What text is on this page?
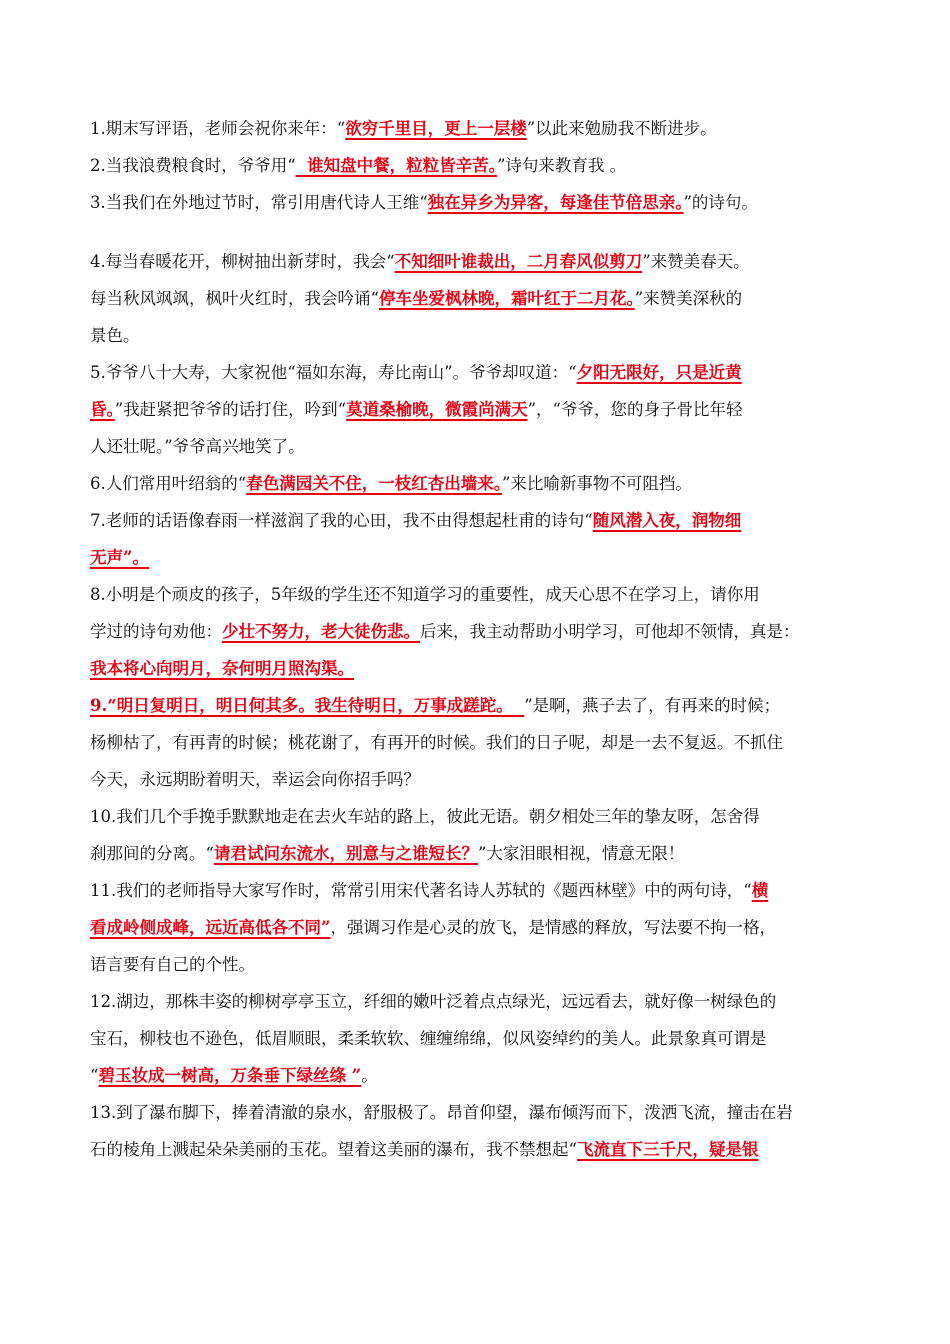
1.期末写评语，老师会祝你来年：“欲穷千里目，更上一层楼”以此来勉励我不断进步。
2.当我浪费粮食时，爷爷用“  谁知盘中餐，粒粒皆辛苦。”诗句来教育我 。
3.当我们在外地过节时，常引用唐代诗人王维“独在异乡为异客，每逢佳节倍思亲。”的诗句。
4.每当春暖花开，柳树抽出新芽时，我会“不知细叶谁裁出，二月春风似剪刀”来赞美春天。
每当秋风飒飒，枫叶火红时，我会吟诵“停车坐爱枫林晚，霜叶红于二月花。”来赞美深秋的
景色。
5.爷爷八十大寿，大家祝他“福如东海，寿比南山”。爷爷却叹道：“夕阳无限好，只是近黄
昏。”我赶紧把爷爷的话打住，吟到“莫道桑榆晚，微霞尚满天”，“爷爷，您的身子骨比年轻
人还壮呢。”爷爷高兴地笑了。
6.人们常用叶绍翁的“春色满园关不住，一枝红杏出墙来。”来比喻新事物不可阻挡。
7.老师的话语像春雨一样滋润了我的心田，我不由得想起杜甫的诗句“随风潜入夜，润物细
无声”。
8.小明是个顽皮的孩子，5年级的学生还不知道学习的重要性，成天心思不在学习上，请你用
学过的诗句劝他：少壮不努力，老大徒伤悲。后来，我主动帮助小明学习，可他却不领情，真是：
我本将心向明月，奈何明月照沟渠。
9.“明日复明日，明日何其多。我生待明日，万事成蹉跎。  ”是啊，燕子去了，有再来的时候；
杨柳枯了，有再青的时候；桃花谢了，有再开的时候。我们的日子呢，却是一去不复返。不抓住
今天，永远期盼着明天，幸运会向你招手吗？
10.我们几个手挽手默默地走在去火车站的路上，彼此无语。朝夕相处三年的挚友呀，怎舍得
刹那间的分离。“请君试问东流水，别意与之谁短长？”大家泪眼相视，情意无限！
11.我们的老师指导大家写作时，常常引用宋代著名诗人苏轼的《题西林壁》中的两句诗，“横
看成岭侧成峰，远近高低各不同”，强调习作是心灵的放飞，是情感的释放，写法要不拘一格，
语言要有自己的个性。
12.湖边，那株丰姿的柳树亭亭玉立，纤细的嫩叶泛着点点绿光，远远看去，就好像一树绿色的
宝石，柳枝也不逊色，低眉顺眼，柔柔软软、缠缠绵绵，似风姿绰约的美人。此景象真可谓是
“碧玉妆成一树高，万条垂下绿丝绦 ”。
13.到了瀑布脚下，捧着清澈的泉水，舒服极了。昂首仰望，瀑布倾泻而下，泼洒飞流，撞击在岩
石的棱角上溅起朵朵美丽的玉花。望着这美丽的瀑布，我不禁想起“飞流直下三千尺，疑是银
